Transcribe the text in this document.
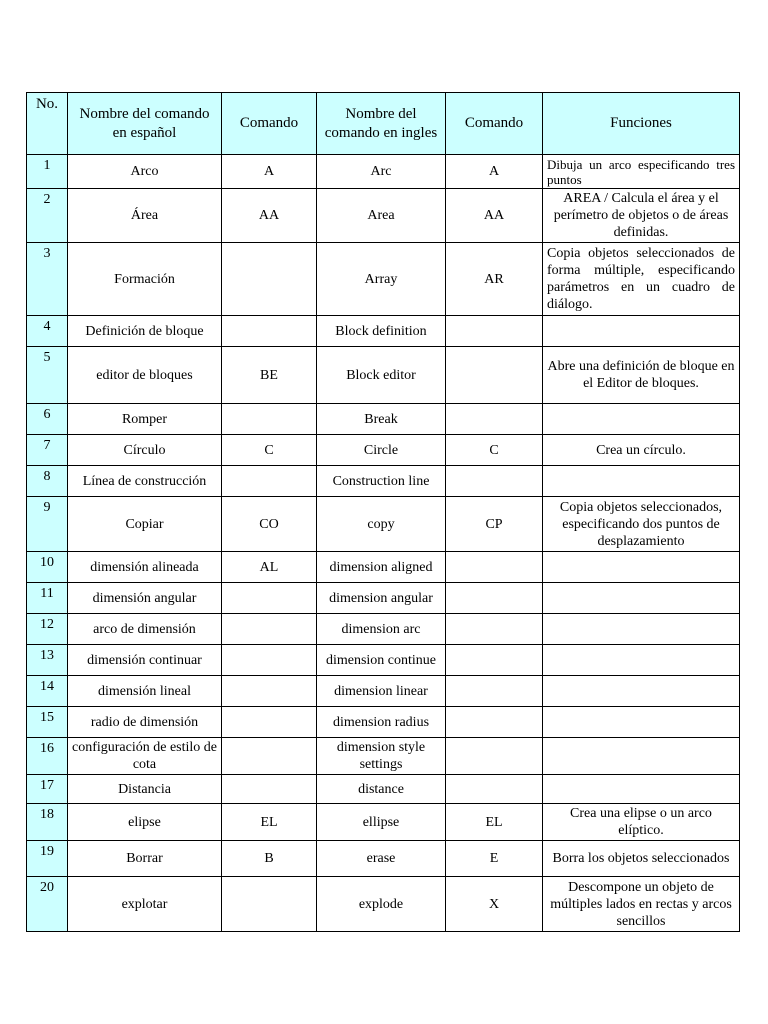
No.	Nombre del comando en español	Comando	Nombre del comando en ingles	Comando	Funciones
1	Arco	A	Arc	A	Dibuja un arco especificando tres puntos
2	Área	AA	Area	AA	AREA / Calcula el área y el perímetro de objetos o de áreas definidas.
3	Formación		Array	AR	Copia objetos seleccionados de forma múltiple, especificando parámetros en un cuadro de diálogo.
4	Definición de bloque		Block definition		
5	editor de bloques	BE	Block editor		Abre una definición de bloque en el Editor de bloques.
6	Romper		Break		
7	Círculo	C	Circle	C	Crea un círculo.
8	Línea de construcción		Construction line		
9	Copiar	CO	copy	CP	Copia objetos seleccionados, especificando dos puntos de desplazamiento
10	dimensión alineada	AL	dimension aligned		
11	dimensión angular		dimension angular		
12	arco de dimensión		dimension arc		
13	dimensión continuar		dimension continue		
14	dimensión lineal		dimension linear		
15	radio de dimensión		dimension radius		
16	configuración de estilo de cota		dimension style settings		
17	Distancia		distance		
18	elipse	EL	ellipse	EL	Crea una elipse o un arco elíptico.
19	Borrar	B	erase	E	Borra los objetos seleccionados
20	explotar		explode	X	Descompone un objeto de múltiples lados en rectas y arcos sencillos
